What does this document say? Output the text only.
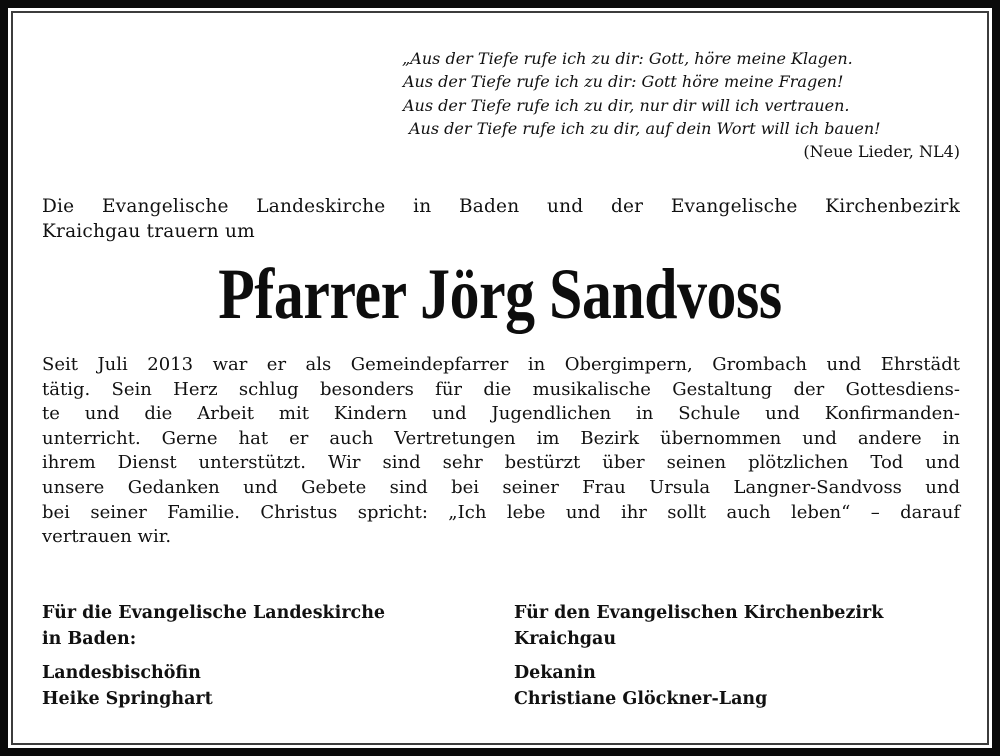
„Aus der Tiefe rufe ich zu dir: Gott, höre meine Klagen.
Aus der Tiefe rufe ich zu dir: Gott höre meine Fragen!
Aus der Tiefe rufe ich zu dir, nur dir will ich vertrauen.
Aus der Tiefe rufe ich zu dir, auf dein Wort will ich bauen!
(Neue Lieder, NL4)
Die Evangelische Landeskirche in Baden und der Evangelische Kirchenbezirk
Kraichgau trauern um
Pfarrer Jörg Sandvoss
Seit Juli 2013 war er als Gemeindepfarrer in Obergimpern, Grombach und Ehrstädt
tätig. Sein Herz schlug besonders für die musikalische Gestaltung der Gottesdiens-
te und die Arbeit mit Kindern und Jugendlichen in Schule und Konfirmanden-
unterricht. Gerne hat er auch Vertretungen im Bezirk übernommen und andere in
ihrem Dienst unterstützt. Wir sind sehr bestürzt über seinen plötzlichen Tod und
unsere Gedanken und Gebete sind bei seiner Frau Ursula Langner-Sandvoss und
bei seiner Familie. Christus spricht: „Ich lebe und ihr sollt auch leben“ – darauf
vertrauen wir.
Für die Evangelische Landeskirche
in Baden:
Landesbischöfin
Heike Springhart
Für den Evangelischen Kirchenbezirk
Kraichgau
Dekanin
Christiane Glöckner-Lang
